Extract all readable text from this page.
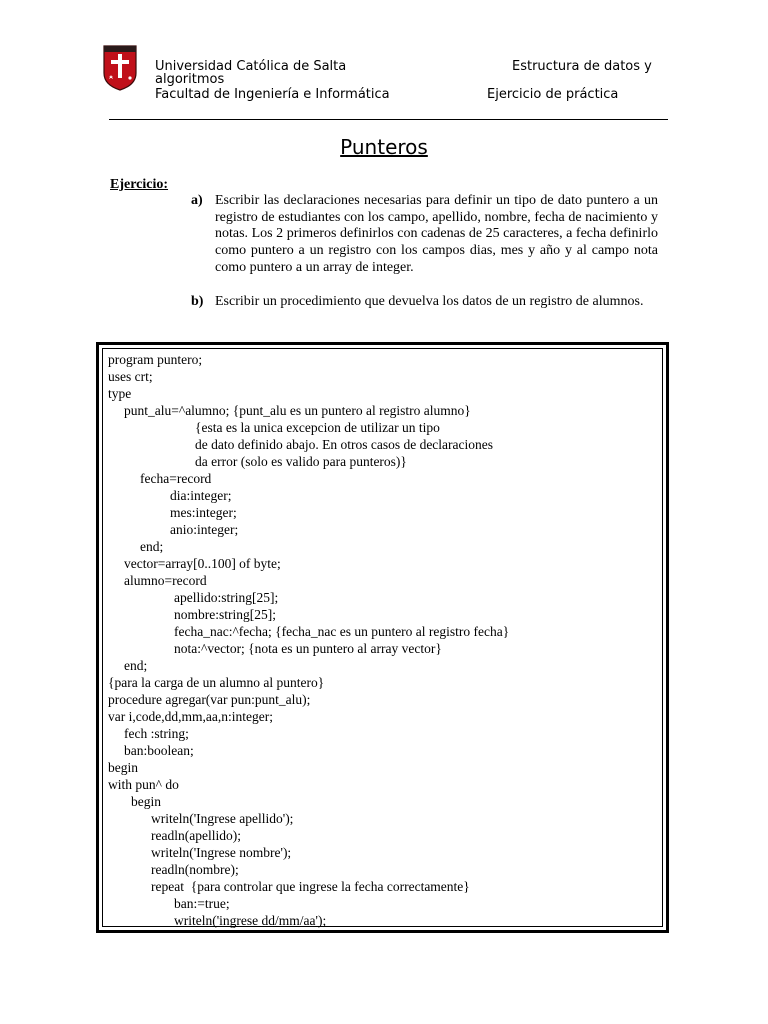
Universidad Católica de Salta
algoritmos
Facultad de Ingeniería e Informática
Estructura de datos y
Ejercicio de práctica
Punteros
Ejercicio:
a) Escribir las declaraciones necesarias para definir un tipo de dato puntero a un registro de estudiantes con los campo, apellido, nombre, fecha de nacimiento y notas. Los 2 primeros definirlos con cadenas de 25 caracteres, a fecha definirlo como puntero a un registro con los campos dias, mes y año y al campo nota como puntero a un array de integer.
b) Escribir un procedimiento que devuelva los datos de un registro de alumnos.
program puntero;
uses crt;
type
punt_alu=^alumno; {punt_alu es un puntero al registro alumno}
{esta es la unica excepcion de utilizar un tipo
de dato definido abajo. En otros casos de declaraciones
da error (solo es valido para punteros)}
fecha=record
dia:integer;
mes:integer;
anio:integer;
end;
vector=array[0..100] of byte;
alumno=record
apellido:string[25];
nombre:string[25];
fecha_nac:^fecha; {fecha_nac es un puntero al registro fecha}
nota:^vector; {nota es un puntero al array vector}
end;
{para la carga de un alumno al puntero}
procedure agregar(var pun:punt_alu);
var i,code,dd,mm,aa,n:integer;
fech :string;
ban:boolean;
begin
with pun^ do
begin
writeln('Ingrese apellido');
readln(apellido);
writeln('Ingrese nombre');
readln(nombre);
repeat  {para controlar que ingrese la fecha correctamente}
ban:=true;
writeln('ingrese dd/mm/aa');
